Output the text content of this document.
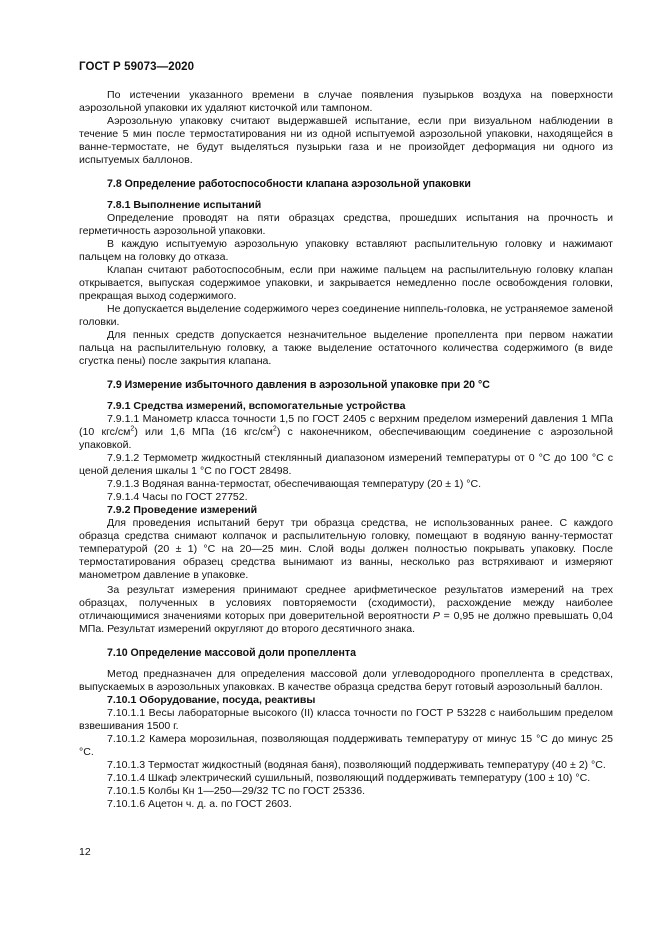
ГОСТ Р 59073—2020

По истечении указанного времени в случае появления пузырьков воздуха на поверхности аэрозольной упаковки их удаляют кисточкой или тампоном.

Аэрозольную упаковку считают выдержавшей испытание, если при визуальном наблюдении в течение 5 мин после термостатирования ни из одной испытуемой аэрозольной упаковки, находящейся в ванне-термостате, не будут выделяться пузырьки газа и не произойдет деформация ни одного из испытуемых баллонов.

7.8 Определение работоспособности клапана аэрозольной упаковки
7.8.1 Выполнение испытаний

Определение проводят на пяти образцах средства, прошедших испытания на прочность и герметичность аэрозольной упаковки.

В каждую испытуемую аэрозольную упаковку вставляют распылительную головку и нажимают пальцем на головку до отказа.

Клапан считают работоспособным, если при нажиме пальцем на распылительную головку клапан открывается, выпуская содержимое упаковки, и закрывается немедленно после освобождения головки, прекращая выход содержимого.

Не допускается выделение содержимого через соединение ниппель-головка, не устраняемое заменой головки.

Для пенных средств допускается незначительное выделение пропеллента при первом нажатии пальца на распылительную головку, а также выделение остаточного количества содержимого (в виде сгустка пены) после закрытия клапана.

7.9 Измерение избыточного давления в аэрозольной упаковке при 20 °С
7.9.1 Средства измерений, вспомогательные устройства

7.9.1.1 Манометр класса точности 1,5 по ГОСТ 2405 с верхним пределом измерений давления 1 МПа (10 кгс/$см^2$) или 1,6 МПа (16 кгс/$см^2$) с наконечником, обеспечивающим соединение с аэрозольной упаковкой.

7.9.1.2 Термометр жидкостный стеклянный диапазоном измерений температуры от 0 °С до 100 °С с ценой деления шкалы 1 °С по ГОСТ 28498.

7.9.1.3 Водяная ванна-термостат, обеспечивающая температуру (20 ± 1) °С.

7.9.1.4 Часы по ГОСТ 27752.

7.9.2 Проведение измерений

Для проведения испытаний берут три образца средства, не использованных ранее. С каждого образца средства снимают колпачок и распылительную головку, помещают в водяную ванну-термостат температурой (20 ± 1) °С на 20—25 мин. Слой воды должен полностью покрывать упаковку. После термостатирования образец средства вынимают из ванны, несколько раз встряхивают и измеряют манометром давление в упаковке.

За результат измерения принимают среднее арифметическое результатов измерений на трех образцах, полученных в условиях повторяемости (сходимости), расхождение между наиболее отличающимися значениями которых при доверительной вероятности P = 0,95 не должно превышать 0,04 МПа. Результат измерений округляют до второго десятичного знака.

7.10 Определение массовой доли пропеллента

Метод предназначен для определения массовой доли углеводородного пропеллента в средствах, выпускаемых в аэрозольных упаковках. В качестве образца средства берут готовый аэрозольный баллон.

7.10.1 Оборудование, посуда, реактивы

7.10.1.1 Весы лабораторные высокого (II) класса точности по ГОСТ Р 53228 с наибольшим пределом взвешивания 1500 г.

7.10.1.2 Камера морозильная, позволяющая поддерживать температуру от минус 15 °С до минус 25 °С.

7.10.1.3 Термостат жидкостный (водяная баня), позволяющий поддерживать температуру (40 ± 2) °С.

7.10.1.4 Шкаф электрический сушильный, позволяющий поддерживать температуру (100 ± 10) °С.

7.10.1.5 Колбы Кн 1—250—29/32 ТС по ГОСТ 25336.

7.10.1.6 Ацетон ч. д. а. по ГОСТ 2603.

12
